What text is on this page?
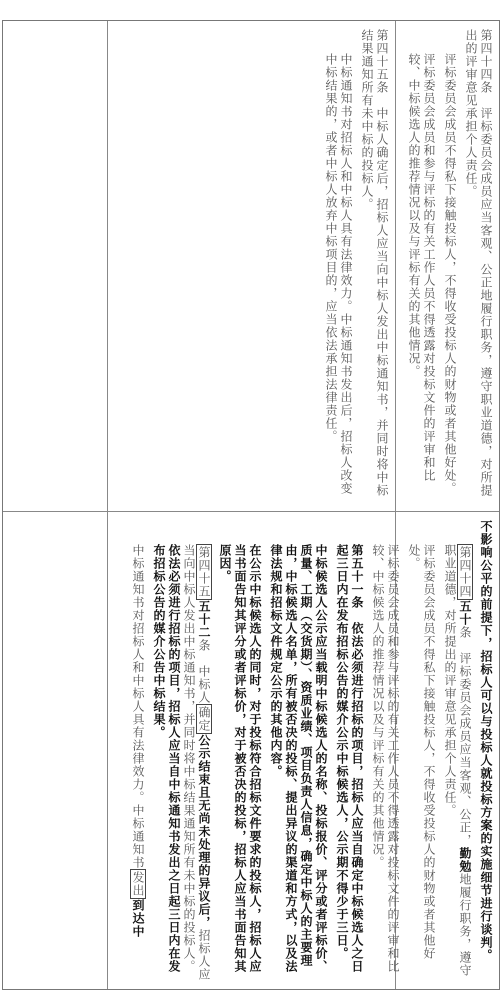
第四十四条　评标委员会成员应当客观、公正地履行职务，遵守职业道德，对所提出的评审意见承担个人责任。
评标委员会成员不得私下接触投标人，不得收受投标人的财物或者其他好处。
评标委员会成员和参与评标的有关工作人员不得透露对投标文件的评审和比较、中标候选人的推荐情况以及与评标有关的其他情况。
第四十五条　中标人确定后，招标人应当向中标人发出中标通知书，并同时将中标结果通知所有未中标的投标人。
中标通知书对招标人和中标人具有法律效力。中标通知书发出后，招标人改变中标结果的，或者中标人放弃中标项目的，应当依法承担法律责任。
不影响公平的前提下，招标人可以与投标人就投标方案的实施细节进行谈判。
第四十四五十条　评标委员会成员应当客观、公正，勤勉地履行职务，遵守职业道德，对所提出的评审意见承担个人责任。
评标委员会成员不得私下接触投标人，不得收受投标人的财物或者其他好处。
评标委员会成员和参与评标的有关工作人员不得透露对投标文件的评审和比较、中标候选人的推荐情况以及与评标有关的其他情况。
第五十一条　依法必须进行招标的项目，招标人应当自确定中标候选人之日起三日内在发布招标公告的媒介公示中标候选人，公示期不得少于三日。
中标候选人公示应当载明中标候选人的名称、投标报价、评分或者评标价、质量、工期（交货期）、资质业绩、项目负责人信息，确定中标人的主要理由，中标候选人名单，所有被否决的投标、提出异议的渠道和方式，以及法律法规和招标文件规定公示的其他内容。
在公示中标候选人的同时，对于投标符合招标文件要求的投标人，招标人应当书面告知其评分或者评标价，对于被否决的投标，招标人应当书面告知其原因。
第四十五五十二条　中标人确定公示结束且无尚未处理的异议后，招标人应当向中标人发出中标通知书，并同时将中标结果通知所有未中标的投标人。依法必须进行招标的项目，招标人应当自中标通知书发出之日起三日内在发布招标公告的媒介公告中标结果。
中标通知书对招标人和中标人具有法律效力。中标通知书发出到达中
